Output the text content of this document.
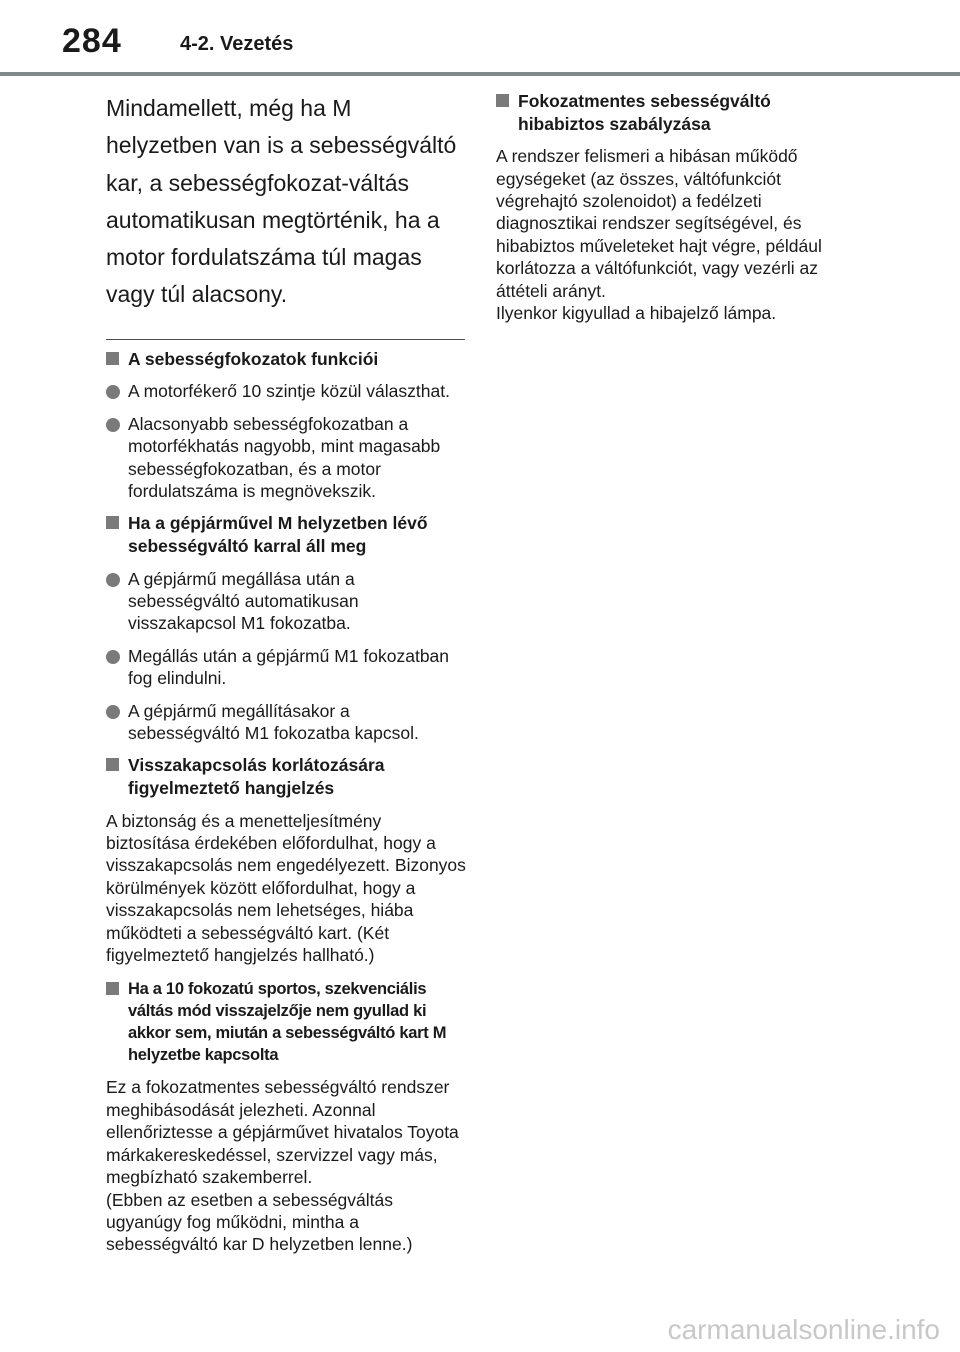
284	4-2. Vezetés

Mindamellett, még ha M helyzetben van is a sebességváltó kar, a sebességfokozat-váltás automatikusan megtörténik, ha a motor fordulatszáma túl magas vagy túl alacsony.

A sebességfokozatok funkciói
A motorfékerő 10 szintje közül választhat.
Alacsonyabb sebességfokozatban a motorfékhatás nagyobb, mint magasabb sebességfokozatban, és a motor fordulatszáma is megnövekszik.
Ha a gépjárművel M helyzetben lévő sebességváltó karral áll meg
A gépjármű megállása után a sebességváltó automatikusan visszakapcsol M1 fokozatba.
Megállás után a gépjármű M1 fokozatban fog elindulni.
A gépjármű megállításakor a sebességváltó M1 fokozatba kapcsol.
Visszakapcsolás korlátozására figyelmeztető hangjelzés

A biztonság és a menetteljesítmény biztosítása érdekében előfordulhat, hogy a visszakapcsolás nem engedélyezett. Bizonyos körülmények között előfordulhat, hogy a visszakapcsolás nem lehetséges, hiába működteti a sebességváltó kart. (Két figyelmeztető hangjelzés hallható.)

Ha a 10 fokozatú sportos, szekvenciális váltás mód visszajelzője nem gyullad ki akkor sem, miután a sebességváltó kart M helyzetbe kapcsolta

Ez a fokozatmentes sebességváltó rendszer meghibásodását jelezheti. Azonnal ellenőriztesse a gépjárművet hivatalos Toyota márkakereskedéssel, szervizzel vagy más, megbízható szakemberrel.

(Ebben az esetben a sebességváltás ugyanúgy fog működni, mintha a sebességváltó kar D helyzetben lenne.)

Fokozatmentes sebességváltó hibabiztos szabályzása

A rendszer felismeri a hibásan működő egységeket (az összes, váltófunkciót végrehajtó szolenoidot) a fedélzeti diagnosztikai rendszer segítségével, és hibabiztos műveleteket hajt végre, például korlátozza a váltófunkciót, vagy vezérli az áttételi arányt.

Ilyenkor kigyullad a hibajelző lámpa.

carmanualsonline.info
